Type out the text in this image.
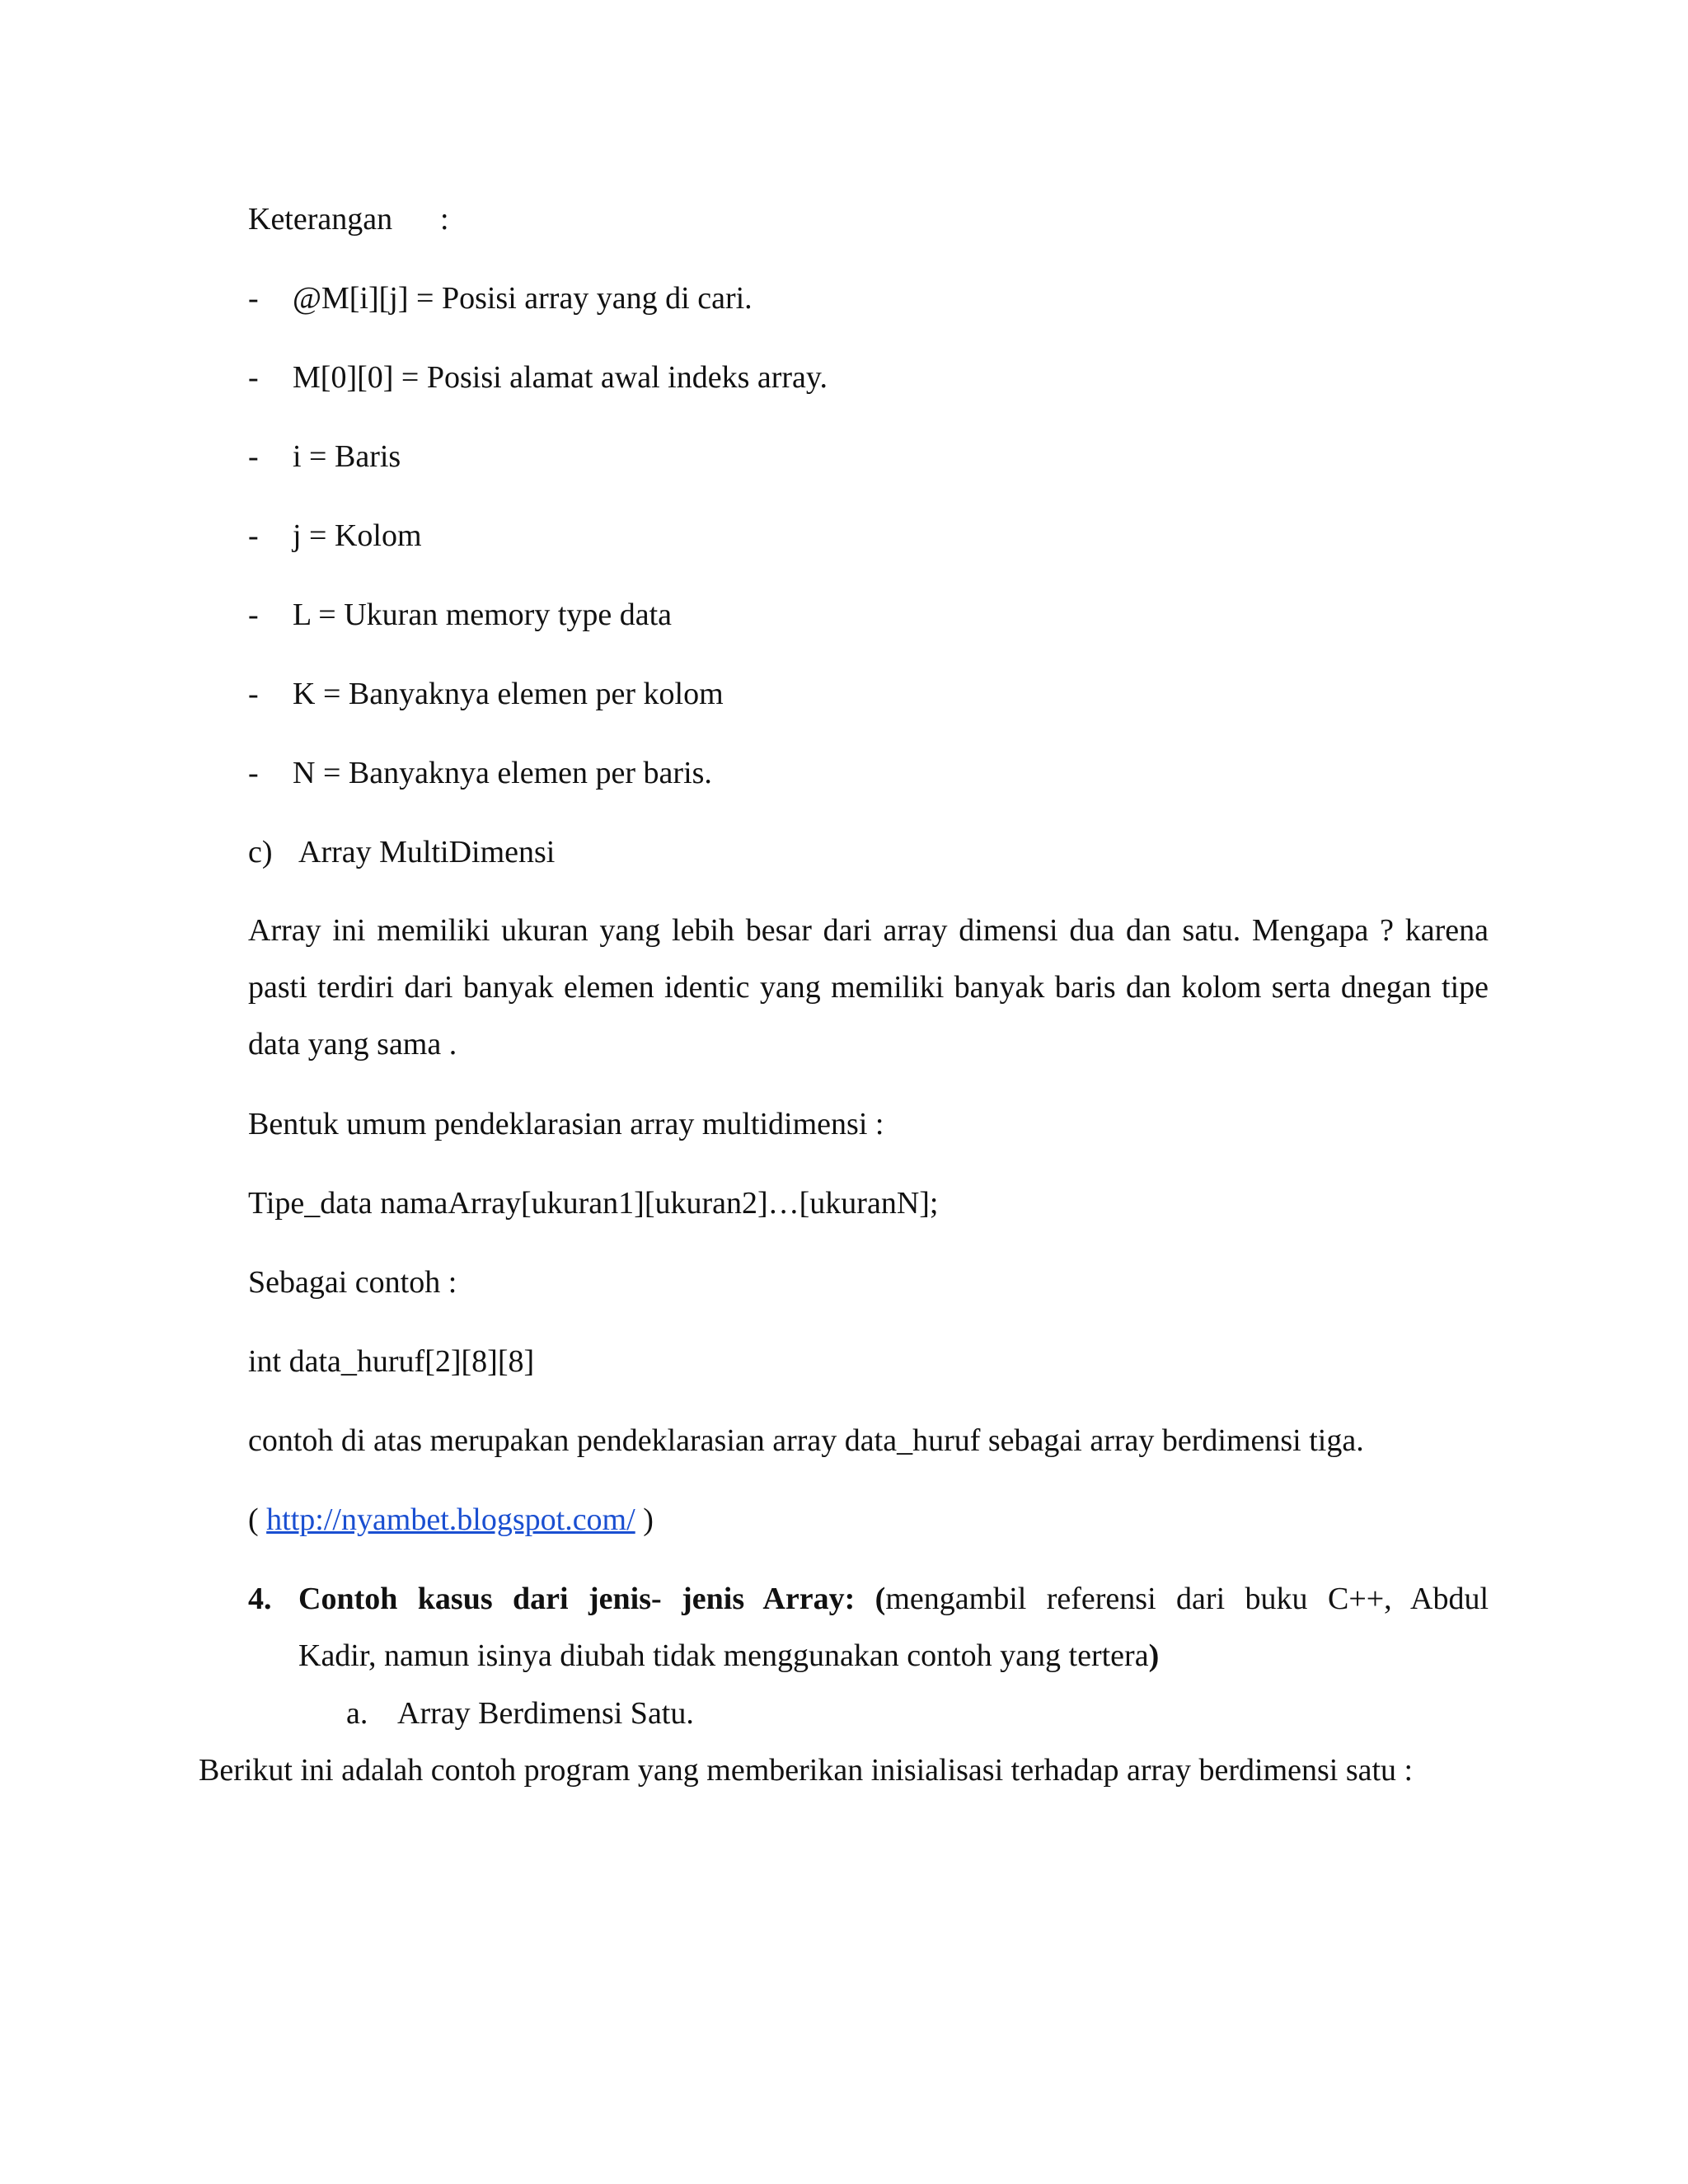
Keterangan :
- @M[i][j] = Posisi array yang di cari.
- M[0][0] = Posisi alamat awal indeks array.
- i = Baris
- j = Kolom
- L = Ukuran memory type data
- K = Banyaknya elemen per kolom
- N = Banyaknya elemen per baris.
c) Array MultiDimensi
Array ini memiliki ukuran yang lebih besar dari array dimensi dua dan satu. Mengapa ? karena pasti terdiri dari banyak elemen identic yang memiliki banyak baris dan kolom serta dnegan tipe data yang sama .
Bentuk umum pendeklarasian array multidimensi :
Tipe_data namaArray[ukuran1][ukuran2]…[ukuranN];
Sebagai contoh :
int data_huruf[2][8][8]
contoh di atas merupakan pendeklarasian array data_huruf sebagai array berdimensi tiga.
( http://nyambet.blogspot.com/ )
4. Contoh kasus dari jenis- jenis Array: (mengambil referensi dari buku C++, Abdul
Kadir, namun isinya diubah tidak menggunakan contoh yang tertera)
a. Array Berdimensi Satu.
Berikut ini adalah contoh program yang memberikan inisialisasi terhadap array berdimensi satu :
